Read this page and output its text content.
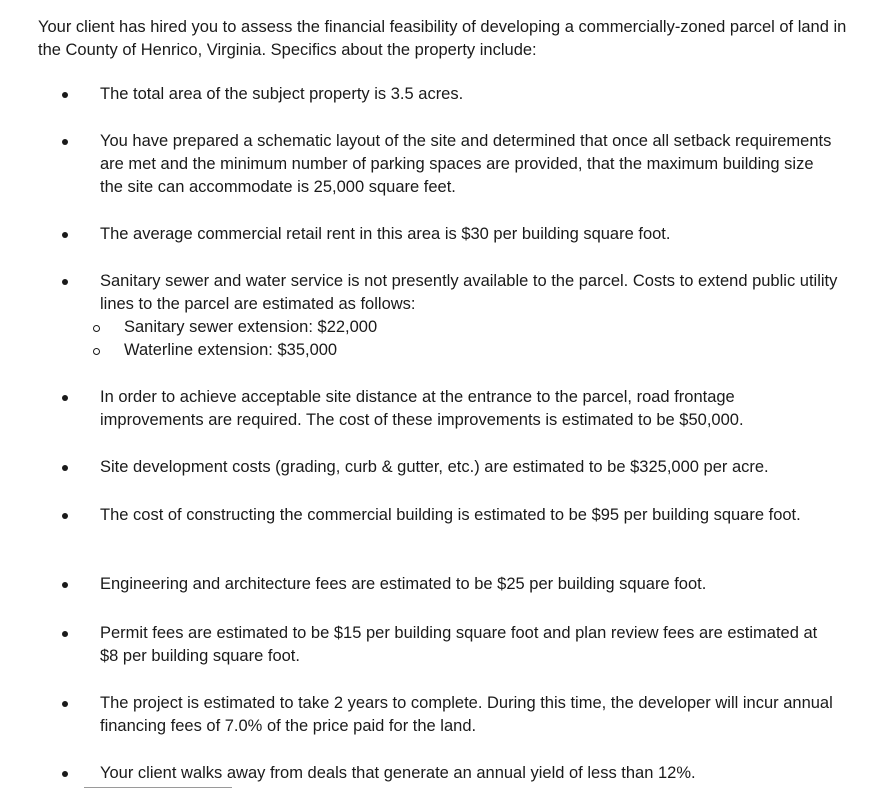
Your client has hired you to assess the financial feasibility of developing a commercially-zoned parcel of land in the County of Henrico, Virginia. Specifics about the property include:

The total area of the subject property is 3.5 acres.
You have prepared a schematic layout of the site and determined that once all setback requirements are met and the minimum number of parking spaces are provided, that the maximum building size the site can accommodate is 25,000 square feet.
The average commercial retail rent in this area is $30 per building square foot.
Sanitary sewer and water service is not presently available to the parcel. Costs to extend public utility lines to the parcel are estimated as follows:
Sanitary sewer extension: $22,000
Waterline extension: $35,000
In order to achieve acceptable site distance at the entrance to the parcel, road frontage improvements are required. The cost of these improvements is estimated to be $50,000.
Site development costs (grading, curb & gutter, etc.) are estimated to be $325,000 per acre.
The cost of constructing the commercial building is estimated to be $95 per building square foot.
Engineering and architecture fees are estimated to be $25 per building square foot.
Permit fees are estimated to be $15 per building square foot and plan review fees are estimated at $8 per building square foot.
The project is estimated to take 2 years to complete. During this time, the developer will incur annual financing fees of 7.0% of the price paid for the land.
Your client walks away from deals that generate an annual yield of less than 12%.
